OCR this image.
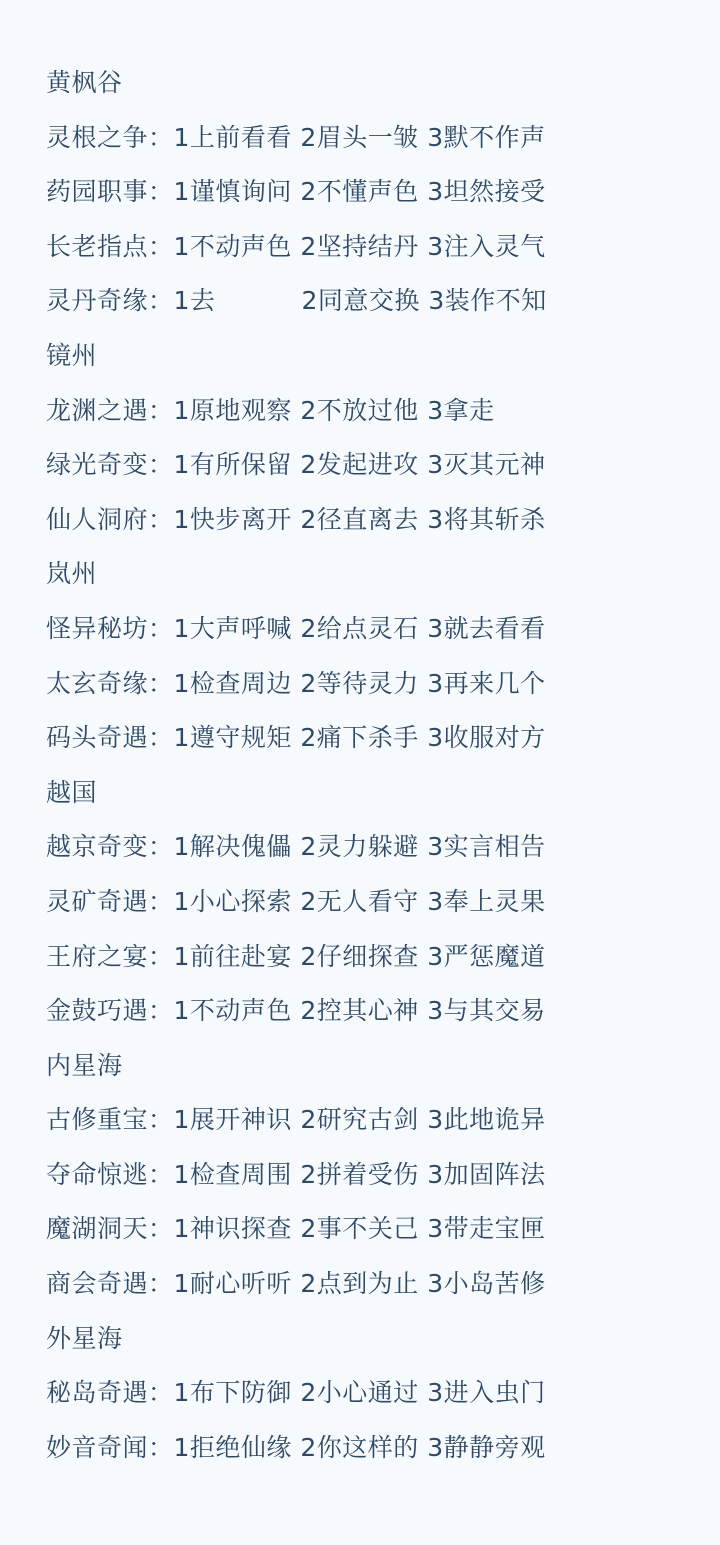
黄枫谷
灵根之争：1上前看看 2眉头一皱 3默不作声
药园职事：1谨慎询问 2不懂声色 3坦然接受
长老指点：1不动声色 2坚持结丹 3注入灵气
灵丹奇缘：1去	2同意交换 3装作不知
镜州
龙渊之遇：1原地观察 2不放过他 3拿走
绿光奇变：1有所保留 2发起进攻 3灭其元神
仙人洞府：1快步离开 2径直离去 3将其斩杀
岚州
怪异秘坊：1大声呼喊 2给点灵石 3就去看看
太玄奇缘：1检查周边 2等待灵力 3再来几个
码头奇遇：1遵守规矩 2痛下杀手 3收服对方
越国
越京奇变：1解决傀儡 2灵力躲避 3实言相告
灵矿奇遇：1小心探索 2无人看守 3奉上灵果
王府之宴：1前往赴宴 2仔细探查 3严惩魔道
金鼓巧遇：1不动声色 2控其心神 3与其交易
内星海
古修重宝：1展开神识 2研究古剑 3此地诡异
夺命惊逃：1检查周围 2拼着受伤 3加固阵法
魔湖洞天：1神识探查 2事不关己 3带走宝匣
商会奇遇：1耐心听听 2点到为止 3小岛苦修
外星海
秘岛奇遇：1布下防御 2小心通过 3进入虫门
妙音奇闻：1拒绝仙缘 2你这样的 3静静旁观
